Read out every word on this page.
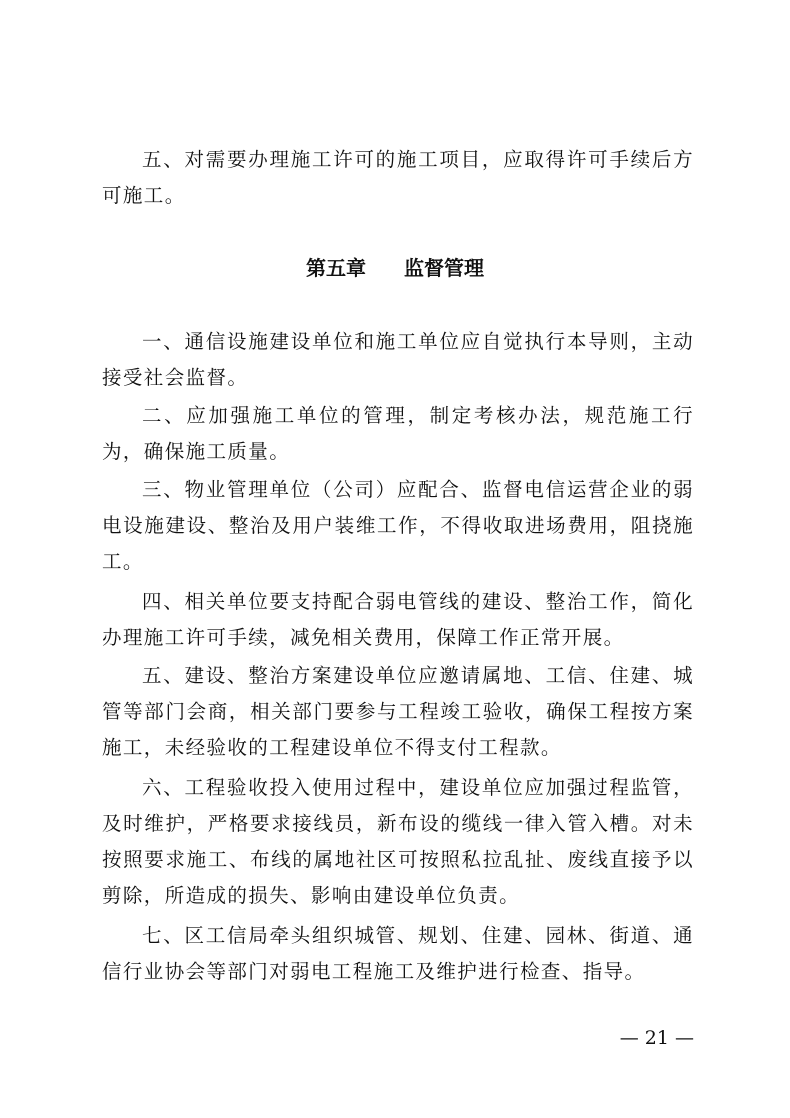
五、对需要办理施工许可的施工项目，应取得许可手续后方可施工。

第五章 监督管理

一、通信设施建设单位和施工单位应自觉执行本导则，主动接受社会监督。

二、应加强施工单位的管理，制定考核办法，规范施工行为，确保施工质量。

三、物业管理单位（公司）应配合、监督电信运营企业的弱电设施建设、整治及用户装维工作，不得收取进场费用，阻挠施工。

四、相关单位要支持配合弱电管线的建设、整治工作，简化办理施工许可手续，减免相关费用，保障工作正常开展。

五、建设、整治方案建设单位应邀请属地、工信、住建、城管等部门会商，相关部门要参与工程竣工验收，确保工程按方案施工，未经验收的工程建设单位不得支付工程款。

六、工程验收投入使用过程中，建设单位应加强过程监管，及时维护，严格要求接线员，新布设的缆线一律入管入槽。对未按照要求施工、布线的属地社区可按照私拉乱扯、废线直接予以剪除，所造成的损失、影响由建设单位负责。

七、区工信局牵头组织城管、规划、住建、园林、街道、通信行业协会等部门对弱电工程施工及维护进行检查、指导。

— 21 —
